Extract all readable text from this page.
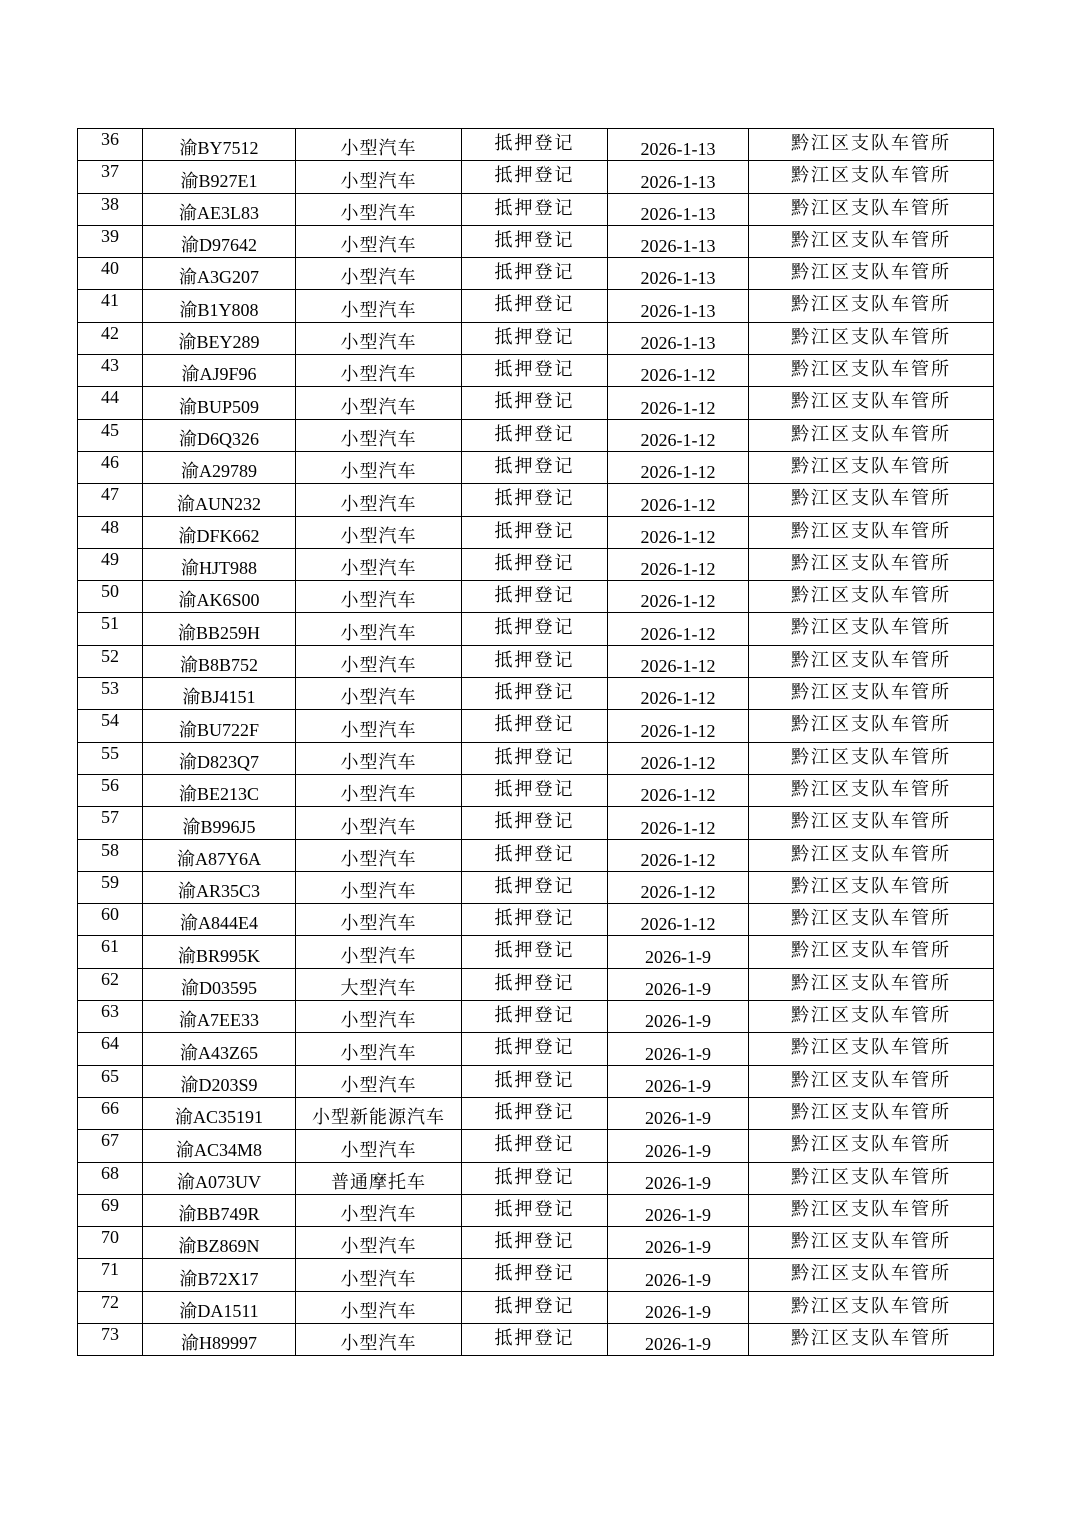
36	渝BY7512	小型汽车	抵押登记	2026-1-13	黔江区支队车管所
37	渝B927E1	小型汽车	抵押登记	2026-1-13	黔江区支队车管所
38	渝AE3L83	小型汽车	抵押登记	2026-1-13	黔江区支队车管所
39	渝D97642	小型汽车	抵押登记	2026-1-13	黔江区支队车管所
40	渝A3G207	小型汽车	抵押登记	2026-1-13	黔江区支队车管所
41	渝B1Y808	小型汽车	抵押登记	2026-1-13	黔江区支队车管所
42	渝BEY289	小型汽车	抵押登记	2026-1-13	黔江区支队车管所
43	渝AJ9F96	小型汽车	抵押登记	2026-1-12	黔江区支队车管所
44	渝BUP509	小型汽车	抵押登记	2026-1-12	黔江区支队车管所
45	渝D6Q326	小型汽车	抵押登记	2026-1-12	黔江区支队车管所
46	渝A29789	小型汽车	抵押登记	2026-1-12	黔江区支队车管所
47	渝AUN232	小型汽车	抵押登记	2026-1-12	黔江区支队车管所
48	渝DFK662	小型汽车	抵押登记	2026-1-12	黔江区支队车管所
49	渝HJT988	小型汽车	抵押登记	2026-1-12	黔江区支队车管所
50	渝AK6S00	小型汽车	抵押登记	2026-1-12	黔江区支队车管所
51	渝BB259H	小型汽车	抵押登记	2026-1-12	黔江区支队车管所
52	渝B8B752	小型汽车	抵押登记	2026-1-12	黔江区支队车管所
53	渝BJ4151	小型汽车	抵押登记	2026-1-12	黔江区支队车管所
54	渝BU722F	小型汽车	抵押登记	2026-1-12	黔江区支队车管所
55	渝D823Q7	小型汽车	抵押登记	2026-1-12	黔江区支队车管所
56	渝BE213C	小型汽车	抵押登记	2026-1-12	黔江区支队车管所
57	渝B996J5	小型汽车	抵押登记	2026-1-12	黔江区支队车管所
58	渝A87Y6A	小型汽车	抵押登记	2026-1-12	黔江区支队车管所
59	渝AR35C3	小型汽车	抵押登记	2026-1-12	黔江区支队车管所
60	渝A844E4	小型汽车	抵押登记	2026-1-12	黔江区支队车管所
61	渝BR995K	小型汽车	抵押登记	2026-1-9	黔江区支队车管所
62	渝D03595	大型汽车	抵押登记	2026-1-9	黔江区支队车管所
63	渝A7EE33	小型汽车	抵押登记	2026-1-9	黔江区支队车管所
64	渝A43Z65	小型汽车	抵押登记	2026-1-9	黔江区支队车管所
65	渝D203S9	小型汽车	抵押登记	2026-1-9	黔江区支队车管所
66	渝AC35191	小型新能源汽车	抵押登记	2026-1-9	黔江区支队车管所
67	渝AC34M8	小型汽车	抵押登记	2026-1-9	黔江区支队车管所
68	渝A073UV	普通摩托车	抵押登记	2026-1-9	黔江区支队车管所
69	渝BB749R	小型汽车	抵押登记	2026-1-9	黔江区支队车管所
70	渝BZ869N	小型汽车	抵押登记	2026-1-9	黔江区支队车管所
71	渝B72X17	小型汽车	抵押登记	2026-1-9	黔江区支队车管所
72	渝DA1511	小型汽车	抵押登记	2026-1-9	黔江区支队车管所
73	渝H89997	小型汽车	抵押登记	2026-1-9	黔江区支队车管所
